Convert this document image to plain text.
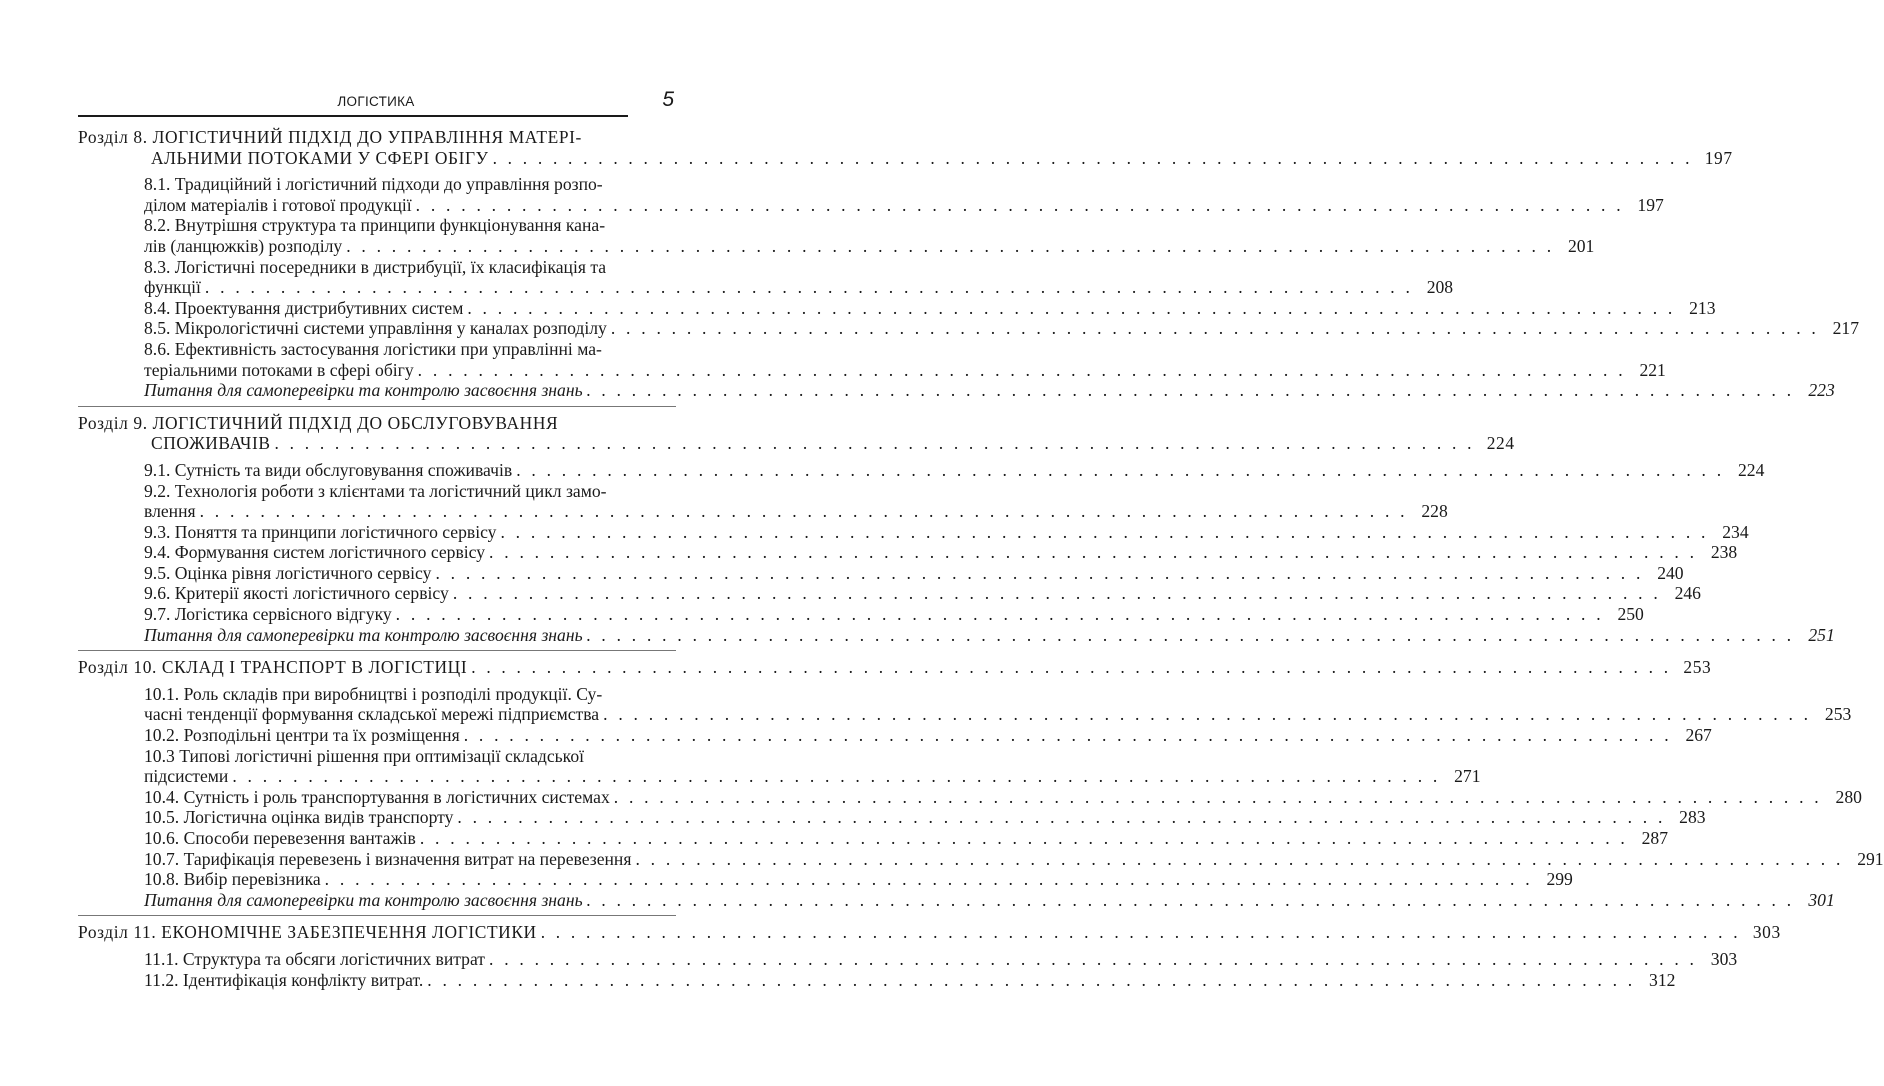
ЛОГІСТИКА	5
Розділ 8. ЛОГІСТИЧНИЙ ПІДХІД ДО УПРАВЛІННЯ МАТЕРІ-
АЛЬНИМИ ПОТОКАМИ У СФЕРІ ОБІГУ . . . . . . . . . . . . . . . . . . . . . . . . . . . . . . . . . . . . . . . . . . . . . . . . . . . . . . . . . . . . . . . . . . . . . . . . . . . . . . . . 197
8.1. Традиційний і логістичний підходи до управління розпо-
ділом матеріалів і готової продукції . . . . . . . . . . . . . . . . . . . . . . . . . . . . . . . . . . . . . . . . . . . . . . . . . . . . . . . . . . . . . . . . . . . . . . . . . . . . . . . . 197
8.2. Внутрішня структура та принципи функціонування кана-
лів (ланцюжків) розподілу . . . . . . . . . . . . . . . . . . . . . . . . . . . . . . . . . . . . . . . . . . . . . . . . . . . . . . . . . . . . . . . . . . . . . . . . . . . . . . . . 201
8.3. Логістичні посередники в дистрибуції, їх класифікація та
функції . . . . . . . . . . . . . . . . . . . . . . . . . . . . . . . . . . . . . . . . . . . . . . . . . . . . . . . . . . . . . . . . . . . . . . . . . . . . . . . . 208
8.4. Проектування дистрибутивних систем . . . . . . . . . . . . . . . . . . . . . . . . . . . . . . . . . . . . . . . . . . . . . . . . . . . . . . . . . . . . . . . . . . . . . . . . . . . . . . . . 213
8.5. Мікрологістичні системи управління у каналах розподілу . . . . . . . . . . . . . . . . . . . . . . . . . . . . . . . . . . . . . . . . . . . . . . . . . . . . . . . . . . . . . . . . . . . . . . . . . . . . . . . . 217
8.6. Ефективність застосування логістики при управлінні ма-
теріальними потоками в сфері обігу . . . . . . . . . . . . . . . . . . . . . . . . . . . . . . . . . . . . . . . . . . . . . . . . . . . . . . . . . . . . . . . . . . . . . . . . . . . . . . . . 221
Питання для самоперевірки та контролю засвоєння знань . . . . . . . . . . . . . . . . . . . . . . . . . . . . . . . . . . . . . . . . . . . . . . . . . . . . . . . . . . . . . . . . . . . . . . . . . . . . . . . . 223
Розділ 9. ЛОГІСТИЧНИЙ ПІДХІД ДО ОБСЛУГОВУВАННЯ
СПОЖИВАЧІВ . . . . . . . . . . . . . . . . . . . . . . . . . . . . . . . . . . . . . . . . . . . . . . . . . . . . . . . . . . . . . . . . . . . . . . . . . . . . . . . . 224
9.1. Сутність та види обслуговування споживачів . . . . . . . . . . . . . . . . . . . . . . . . . . . . . . . . . . . . . . . . . . . . . . . . . . . . . . . . . . . . . . . . . . . . . . . . . . . . . . . . 224
9.2. Технологія роботи з клієнтами та логістичний цикл замо-
влення . . . . . . . . . . . . . . . . . . . . . . . . . . . . . . . . . . . . . . . . . . . . . . . . . . . . . . . . . . . . . . . . . . . . . . . . . . . . . . . . 228
9.3. Поняття та принципи логістичного сервісу . . . . . . . . . . . . . . . . . . . . . . . . . . . . . . . . . . . . . . . . . . . . . . . . . . . . . . . . . . . . . . . . . . . . . . . . . . . . . . . . 234
9.4. Формування систем логістичного сервісу . . . . . . . . . . . . . . . . . . . . . . . . . . . . . . . . . . . . . . . . . . . . . . . . . . . . . . . . . . . . . . . . . . . . . . . . . . . . . . . . 238
9.5. Оцінка рівня логістичного сервісу . . . . . . . . . . . . . . . . . . . . . . . . . . . . . . . . . . . . . . . . . . . . . . . . . . . . . . . . . . . . . . . . . . . . . . . . . . . . . . . . 240
9.6. Критерії якості логістичного сервісу . . . . . . . . . . . . . . . . . . . . . . . . . . . . . . . . . . . . . . . . . . . . . . . . . . . . . . . . . . . . . . . . . . . . . . . . . . . . . . . . 246
9.7. Логістика сервісного відгуку . . . . . . . . . . . . . . . . . . . . . . . . . . . . . . . . . . . . . . . . . . . . . . . . . . . . . . . . . . . . . . . . . . . . . . . . . . . . . . . . 250
Питання для самоперевірки та контролю засвоєння знань . . . . . . . . . . . . . . . . . . . . . . . . . . . . . . . . . . . . . . . . . . . . . . . . . . . . . . . . . . . . . . . . . . . . . . . . . . . . . . . . 251
Розділ 10. СКЛАД І ТРАНСПОРТ В ЛОГІСТИЦІ . . . . . . . . . . . . . . . . . . . . . . . . . . . . . . . . . . . . . . . . . . . . . . . . . . . . . . . . . . . . . . . . . . . . . . . . . . . . . . . . 253
10.1. Роль складів при виробництві і розподілі продукції. Су-
часні тенденції формування складської мережі підприємства . . . . . . . . . . . . . . . . . . . . . . . . . . . . . . . . . . . . . . . . . . . . . . . . . . . . . . . . . . . . . . . . . . . . . . . . . . . . . . . . 253
10.2. Розподільні центри та їх розміщення . . . . . . . . . . . . . . . . . . . . . . . . . . . . . . . . . . . . . . . . . . . . . . . . . . . . . . . . . . . . . . . . . . . . . . . . . . . . . . . . 267
10.3 Типові логістичні рішення при оптимізації складської
підсистеми . . . . . . . . . . . . . . . . . . . . . . . . . . . . . . . . . . . . . . . . . . . . . . . . . . . . . . . . . . . . . . . . . . . . . . . . . . . . . . . . 271
10.4. Сутність і роль транспортування в логістичних системах . . . . . . . . . . . . . . . . . . . . . . . . . . . . . . . . . . . . . . . . . . . . . . . . . . . . . . . . . . . . . . . . . . . . . . . . . . . . . . . . 280
10.5. Логістична оцінка видів транспорту . . . . . . . . . . . . . . . . . . . . . . . . . . . . . . . . . . . . . . . . . . . . . . . . . . . . . . . . . . . . . . . . . . . . . . . . . . . . . . . . 283
10.6. Способи перевезення вантажів . . . . . . . . . . . . . . . . . . . . . . . . . . . . . . . . . . . . . . . . . . . . . . . . . . . . . . . . . . . . . . . . . . . . . . . . . . . . . . . . 287
10.7. Тарифікація перевезень і визначення витрат на перевезення . . . . . . . . . . . . . . . . . . . . . . . . . . . . . . . . . . . . . . . . . . . . . . . . . . . . . . . . . . . . . . . . . . . . . . . . . . . . . . . . 291
10.8. Вибір перевізника . . . . . . . . . . . . . . . . . . . . . . . . . . . . . . . . . . . . . . . . . . . . . . . . . . . . . . . . . . . . . . . . . . . . . . . . . . . . . . . . 299
Питання для самоперевірки та контролю засвоєння знань . . . . . . . . . . . . . . . . . . . . . . . . . . . . . . . . . . . . . . . . . . . . . . . . . . . . . . . . . . . . . . . . . . . . . . . . . . . . . . . . 301
Розділ 11. ЕКОНОМІЧНЕ ЗАБЕЗПЕЧЕННЯ ЛОГІСТИКИ . . . . . . . . . . . . . . . . . . . . . . . . . . . . . . . . . . . . . . . . . . . . . . . . . . . . . . . . . . . . . . . . . . . . . . . . . . . . . . . . 303
11.1. Структура та обсяги логістичних витрат . . . . . . . . . . . . . . . . . . . . . . . . . . . . . . . . . . . . . . . . . . . . . . . . . . . . . . . . . . . . . . . . . . . . . . . . . . . . . . . . 303
11.2. Ідентифікація конфлікту витрат. . . . . . . . . . . . . . . . . . . . . . . . . . . . . . . . . . . . . . . . . . . . . . . . . . . . . . . . . . . . . . . . . . . . . . . . . . . . . . . . . 312
